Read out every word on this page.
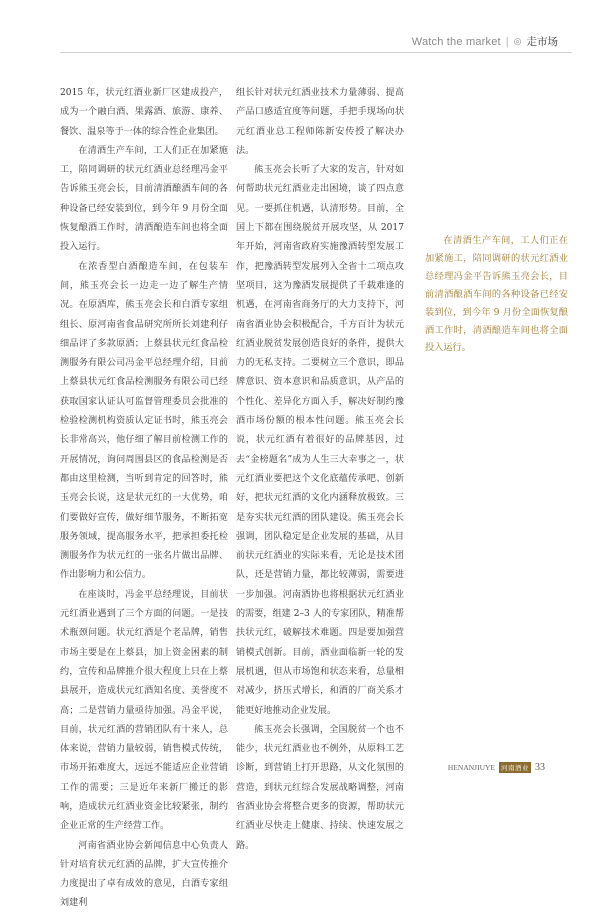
Watch the market | ◎ 走市场

2015 年，状元红酒业新厂区建成投产，成为一个融白酒、果露酒、旅游、康养、餐饮、温泉等于一体的综合性企业集团。

在清酒生产车间，工人们正在加紧施工，陪同调研的状元红酒业总经理冯金平告诉熊玉亮会长，目前清酒酿酒车间的各种设备已经安装到位，到今年 9 月份全面恢复酿酒工作时，清酒酿造车间也将全面投入运行。

在浓香型白酒酿造车间，在包装车间，熊玉亮会长一边走一边了解生产情况。在原酒库，熊玉亮会长和白酒专家组组长、原河南省食品研究所所长刘建利仔细品评了多款原酒；上蔡县状元红食品检测服务有限公司冯金平总经理介绍，目前上蔡县状元红食品检测服务有限公司已经获取国家认证认可监督管理委员会批准的检验检测机构资质认定证书时，熊玉亮会长非常高兴，他仔细了解目前检测工作的开展情况，询问周围县区的食品检测是否都由这里检测，当听到肯定的回答时，熊玉亮会长说，这是状元红的一大优势，咱们要做好宣传，做好细节服务，不断拓宽服务领域，提高服务水平，把承担委托检测服务作为状元红的一张名片做出品牌、作出影响力和公信力。

在座谈时，冯金平总经理说，目前状元红酒业遇到了三个方面的问题。一是技术瓶颈问题。状元红酒是个老品牌，销售市场主要是在上蔡县，加上资金困素的制约，宣传和品牌推介很大程度上只在上蔡县展开，造成状元红酒知名度、美誉度不高；二是营销力量亟待加强。冯金平说，目前，状元红酒的营销团队有十来人，总体来说，营销力量较弱，销售模式传统，市场开拓难度大，远远不能适应企业营销工作的需要；三是近年来新厂搬迁的影响，造成状元红酒业资金比较紧张，制约企业正常的生产经营工作。

河南省酒业协会新闻信息中心负责人针对培育状元红酒的品牌，扩大宣传推介力度提出了卓有成效的意见，白酒专家组刘建利

组长针对状元红酒业技术力量薄弱、提高产品口感适宜度等问题，手把手现场向状元红酒业总工程师陈新安传授了解决办法。

熊玉亮会长听了大家的发言，针对如何帮助状元红酒业走出困境，谈了四点意见。一要抓住机遇，认清形势。目前，全国上下都在围绕脱贫开展攻坚，从 2017 年开始，河南省政府实施豫酒转型发展工作，把豫酒转型发展列入全省十二项点攻坚项目，这为豫酒发展提供了千载难逢的机遇，在河南省商务厅的大力支持下，河南省酒业协会积极配合，千方百计为状元红酒业脱贫发展创造良好的条件，提供大力的无私支持。二要树立三个意识，即品牌意识、资本意识和品质意识，从产品的个性化、差异化方面入手，解决好制约豫酒市场份额的根本性问题。熊玉亮会长说，状元红酒有着很好的品牌基因，过去“金榜题名”成为人生三大幸事之一，状元红酒业要把这个文化底蕴传承吧、创新好，把状元红酒的文化内涵释放极致。三是夯实状元红酒的团队建设。熊玉亮会长强调，团队稳定是企业发展的基础，从目前状元红酒业的实际来看，无论是技术团队，还是营销力量，都比较薄弱，需要进一步加强。河南酒协也将根据状元红酒业的需要，组建 2–3 人的专家团队，精准帮扶状元红，破解技术难题。四是要加强营销模式创新。目前，酒业面临新一轮的发展机遇，但从市场饱和状态来看，总量相对减少，挤压式增长，和酒的厂商关系才能更好地推动企业发展。

熊玉亮会长强调，全国脱贫一个也不能少，状元红酒业也不例外，从原料工艺诊断，到营销上打开思路，从文化氛围的营造，到状元红综合发展战略调整，河南省酒业协会将整合更多的资源，帮助状元红酒业尽快走上健康、持续、快速发展之路。

在清酒生产车间，工人们正在加紧施工，陪同调研的状元红酒业总经理冯金平告诉熊玉亮会长，目前清酒酿酒车间的各种设备已经安装到位，到今年 9 月份全面恢复酿酒工作时，清酒酿造车间也将全面投入运行。
HENANJIUYE 河南酒业 33
